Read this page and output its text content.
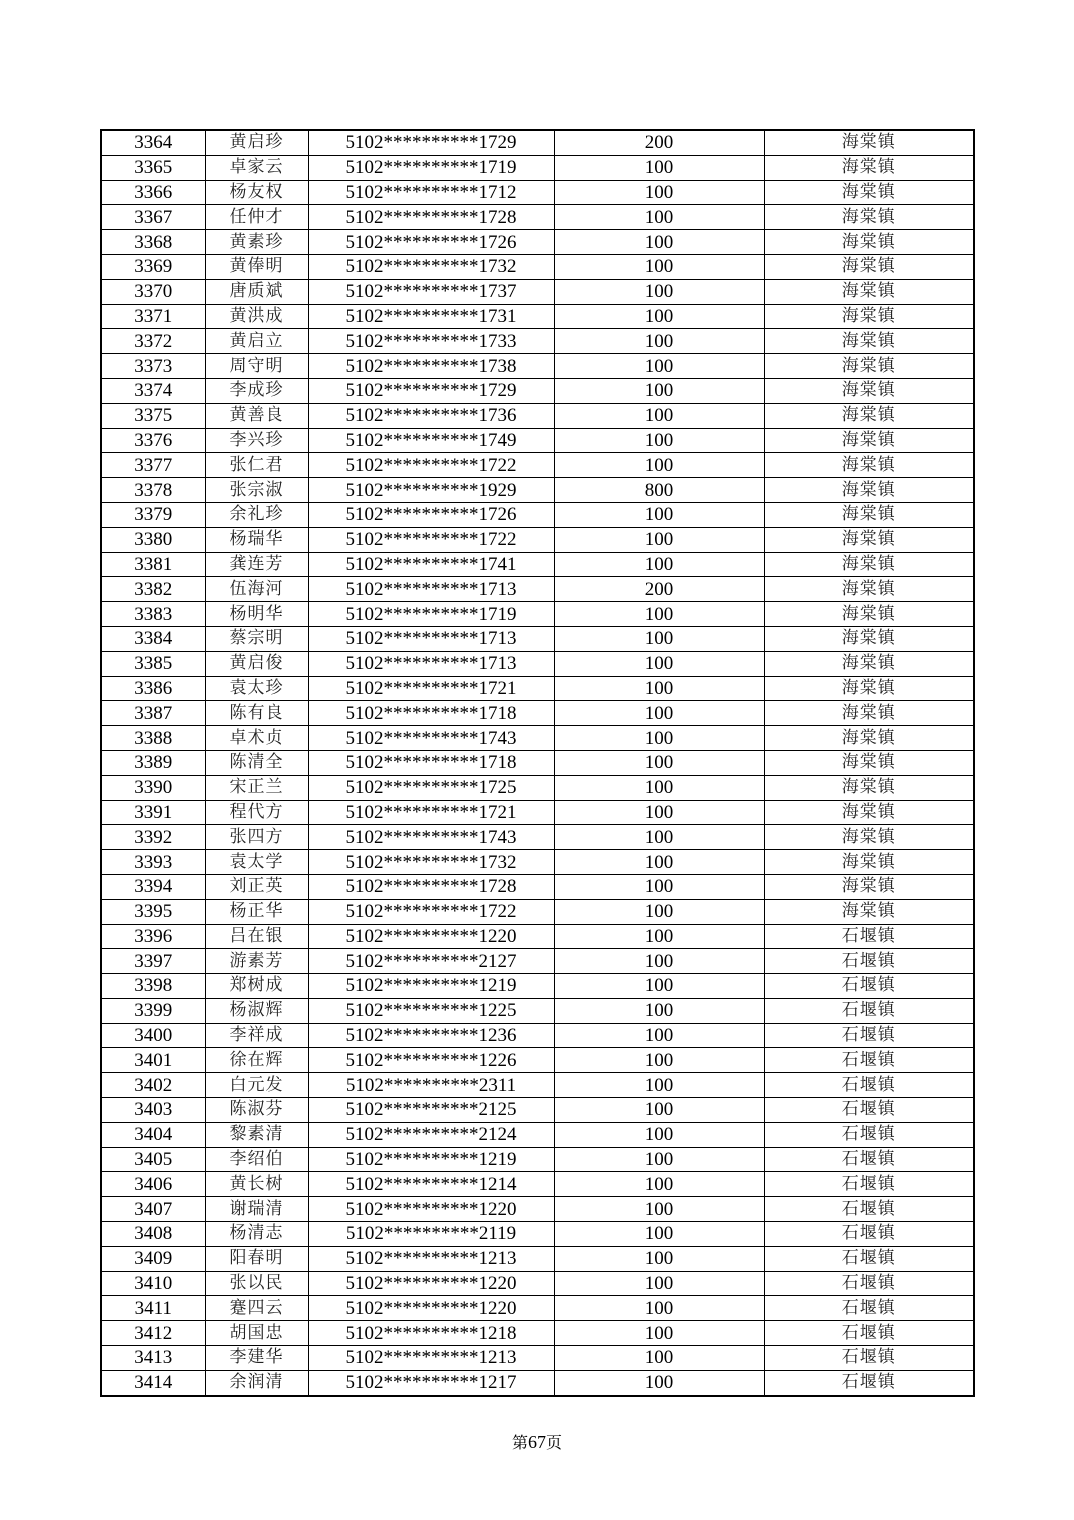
3364	黄启珍	5102**********1729	200	海棠镇
3365	卓家云	5102**********1719	100	海棠镇
3366	杨友权	5102**********1712	100	海棠镇
3367	任仲才	5102**********1728	100	海棠镇
3368	黄素珍	5102**********1726	100	海棠镇
3369	黄俸明	5102**********1732	100	海棠镇
3370	唐质斌	5102**********1737	100	海棠镇
3371	黄洪成	5102**********1731	100	海棠镇
3372	黄启立	5102**********1733	100	海棠镇
3373	周守明	5102**********1738	100	海棠镇
3374	李成珍	5102**********1729	100	海棠镇
3375	黄善良	5102**********1736	100	海棠镇
3376	李兴珍	5102**********1749	100	海棠镇
3377	张仁君	5102**********1722	100	海棠镇
3378	张宗淑	5102**********1929	800	海棠镇
3379	余礼珍	5102**********1726	100	海棠镇
3380	杨瑞华	5102**********1722	100	海棠镇
3381	龚连芳	5102**********1741	100	海棠镇
3382	伍海河	5102**********1713	200	海棠镇
3383	杨明华	5102**********1719	100	海棠镇
3384	蔡宗明	5102**********1713	100	海棠镇
3385	黄启俊	5102**********1713	100	海棠镇
3386	袁太珍	5102**********1721	100	海棠镇
3387	陈有良	5102**********1718	100	海棠镇
3388	卓术贞	5102**********1743	100	海棠镇
3389	陈清全	5102**********1718	100	海棠镇
3390	宋正兰	5102**********1725	100	海棠镇
3391	程代方	5102**********1721	100	海棠镇
3392	张四方	5102**********1743	100	海棠镇
3393	袁太学	5102**********1732	100	海棠镇
3394	刘正英	5102**********1728	100	海棠镇
3395	杨正华	5102**********1722	100	海棠镇
3396	吕在银	5102**********1220	100	石堰镇
3397	游素芳	5102**********2127	100	石堰镇
3398	郑树成	5102**********1219	100	石堰镇
3399	杨淑辉	5102**********1225	100	石堰镇
3400	李祥成	5102**********1236	100	石堰镇
3401	徐在辉	5102**********1226	100	石堰镇
3402	白元发	5102**********2311	100	石堰镇
3403	陈淑芬	5102**********2125	100	石堰镇
3404	黎素清	5102**********2124	100	石堰镇
3405	李绍伯	5102**********1219	100	石堰镇
3406	黄长树	5102**********1214	100	石堰镇
3407	谢瑞清	5102**********1220	100	石堰镇
3408	杨清志	5102**********2119	100	石堰镇
3409	阳春明	5102**********1213	100	石堰镇
3410	张以民	5102**********1220	100	石堰镇
3411	蹇四云	5102**********1220	100	石堰镇
3412	胡国忠	5102**********1218	100	石堰镇
3413	李建华	5102**********1213	100	石堰镇
3414	余润清	5102**********1217	100	石堰镇
第67页
